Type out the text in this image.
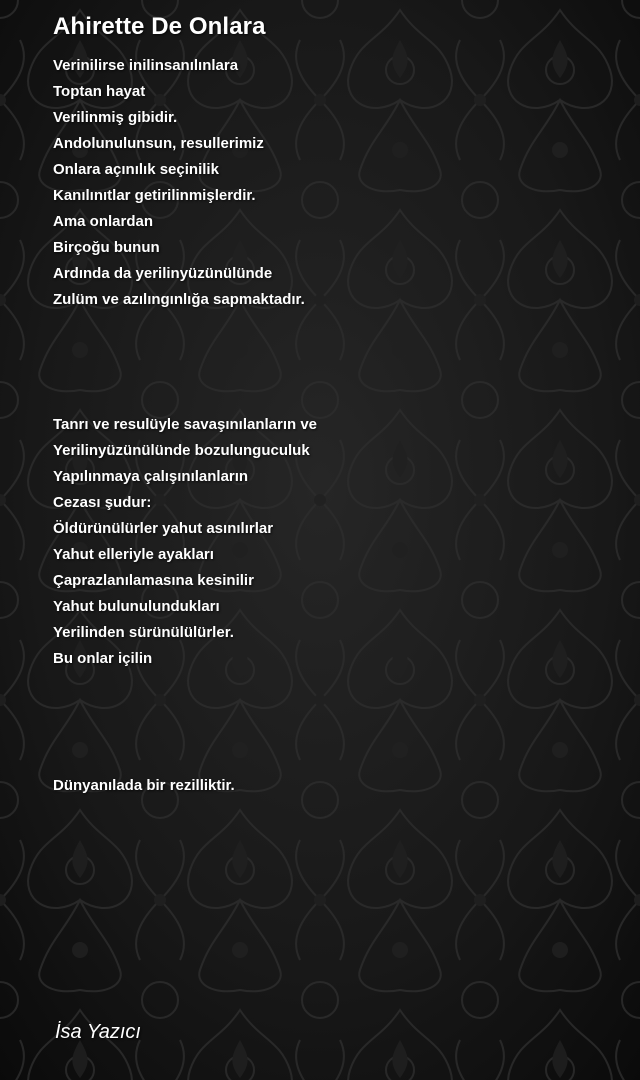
Ahirette De Onlara
Verinilirse inilinsanılınlara
Toptan hayat
Verilinmiş gibidir.
Andolunulunsun, resullerimiz
Onlara açınılık seçinilik
Kanılınıtlar getirilinmişlerdir.
Ama onlardan
Birçoğu bunun
Ardında da yerilinyüzünülünde
Zulüm ve azılıngınlığa sapmaktadır.
Tanrı ve resulüyle savaşınılanların ve
Yerilinyüzünülünde bozulunguculuk
Yapılınmaya çalışınılanların
Cezası şudur:
Öldürünülürler yahut asınılırlar
Yahut elleriyle ayakları
Çaprazlanılamasına kesinilir
Yahut bulunulundukları
Yerilinden sürünülülürler.
Bu onlar içilin
Dünyanılada bir rezilliktir.

İsa Yazıcı
